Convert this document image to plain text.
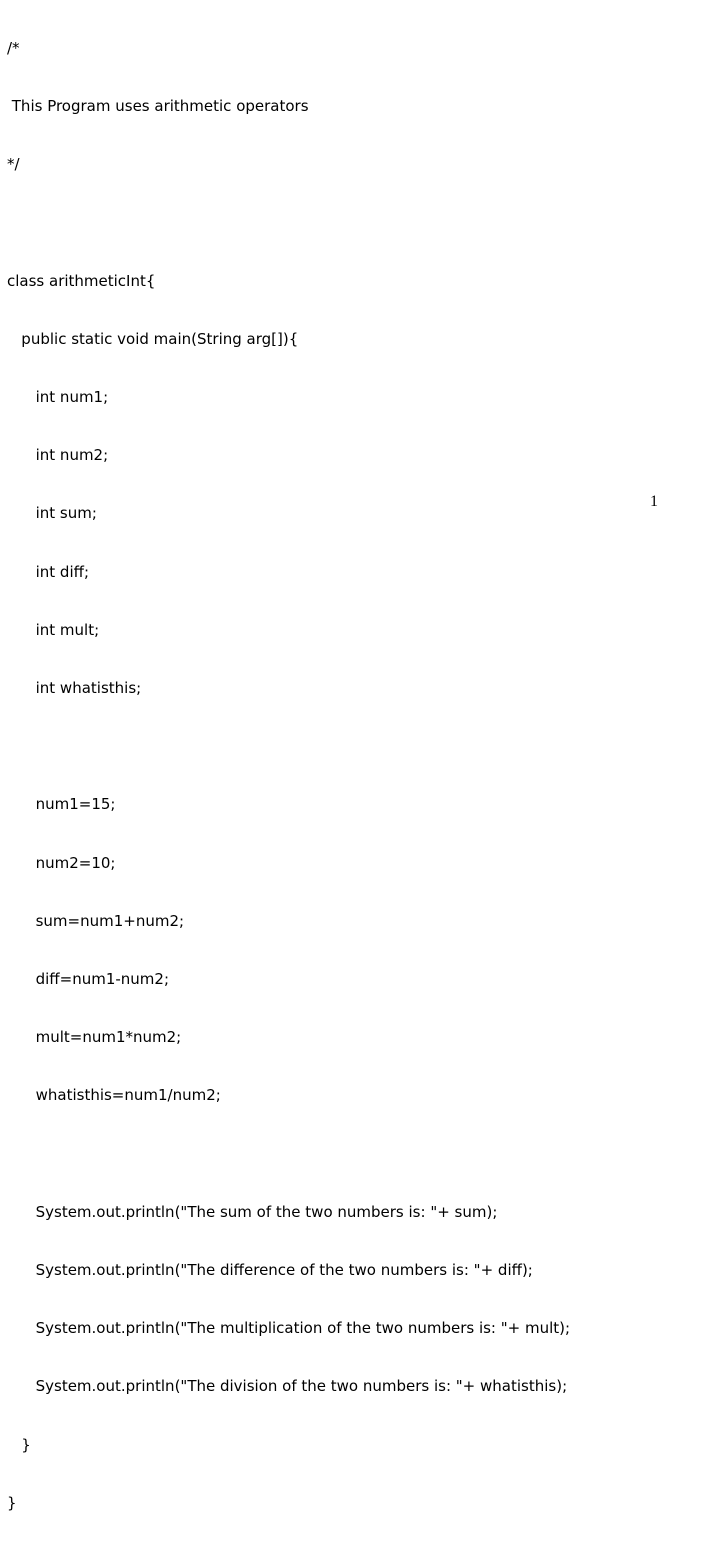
/*

This Program uses arithmetic operators

*/

class arithmeticInt{

public static void main(String arg[]){

int num1;

int num2;

int sum;

int diff;

int mult;

int whatisthis;

num1=15;

num2=10;

sum=num1+num2;

diff=num1-num2;

mult=num1*num2;

whatisthis=num1/num2;

System.out.println("The sum of the two numbers is: "+ sum);

System.out.println("The difference of the two numbers is: "+ diff);

System.out.println("The multiplication of the two numbers is: "+ mult);

System.out.println("The division of the two numbers is: "+ whatisthis);

}

}

1
